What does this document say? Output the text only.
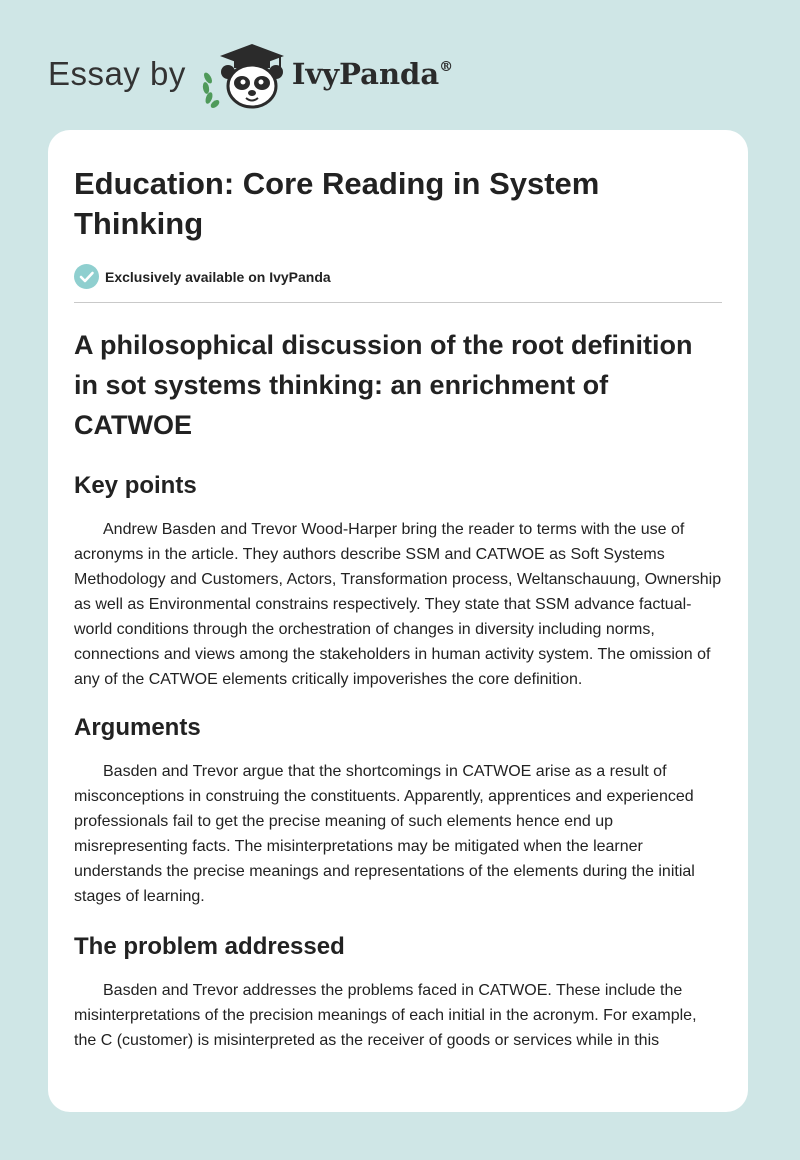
Essay by	IvyPanda®
Education: Core Reading in System Thinking
Exclusively available on IvyPanda
A philosophical discussion of the root definition in sot systems thinking: an enrichment of CATWOE
Key points

Andrew Basden and Trevor Wood-Harper bring the reader to terms with the use of acronyms in the article. They authors describe SSM and CATWOE as Soft Systems Methodology and Customers, Actors, Transformation process, Weltanschauung, Ownership as well as Environmental constrains respectively. They state that SSM advance factual-world conditions through the orchestration of changes in diversity including norms, connections and views among the stakeholders in human activity system. The omission of any of the CATWOE elements critically impoverishes the core definition.

Arguments

Basden and Trevor argue that the shortcomings in CATWOE arise as a result of misconceptions in construing the constituents. Apparently, apprentices and experienced professionals fail to get the precise meaning of such elements hence end up misrepresenting facts. The misinterpretations may be mitigated when the learner understands the precise meanings and representations of the elements during the initial stages of learning.

The problem addressed

Basden and Trevor addresses the problems faced in CATWOE. These include the misinterpretations of the precision meanings of each initial in the acronym. For example, the C (customer) is misinterpreted as the receiver of goods or services while in this
